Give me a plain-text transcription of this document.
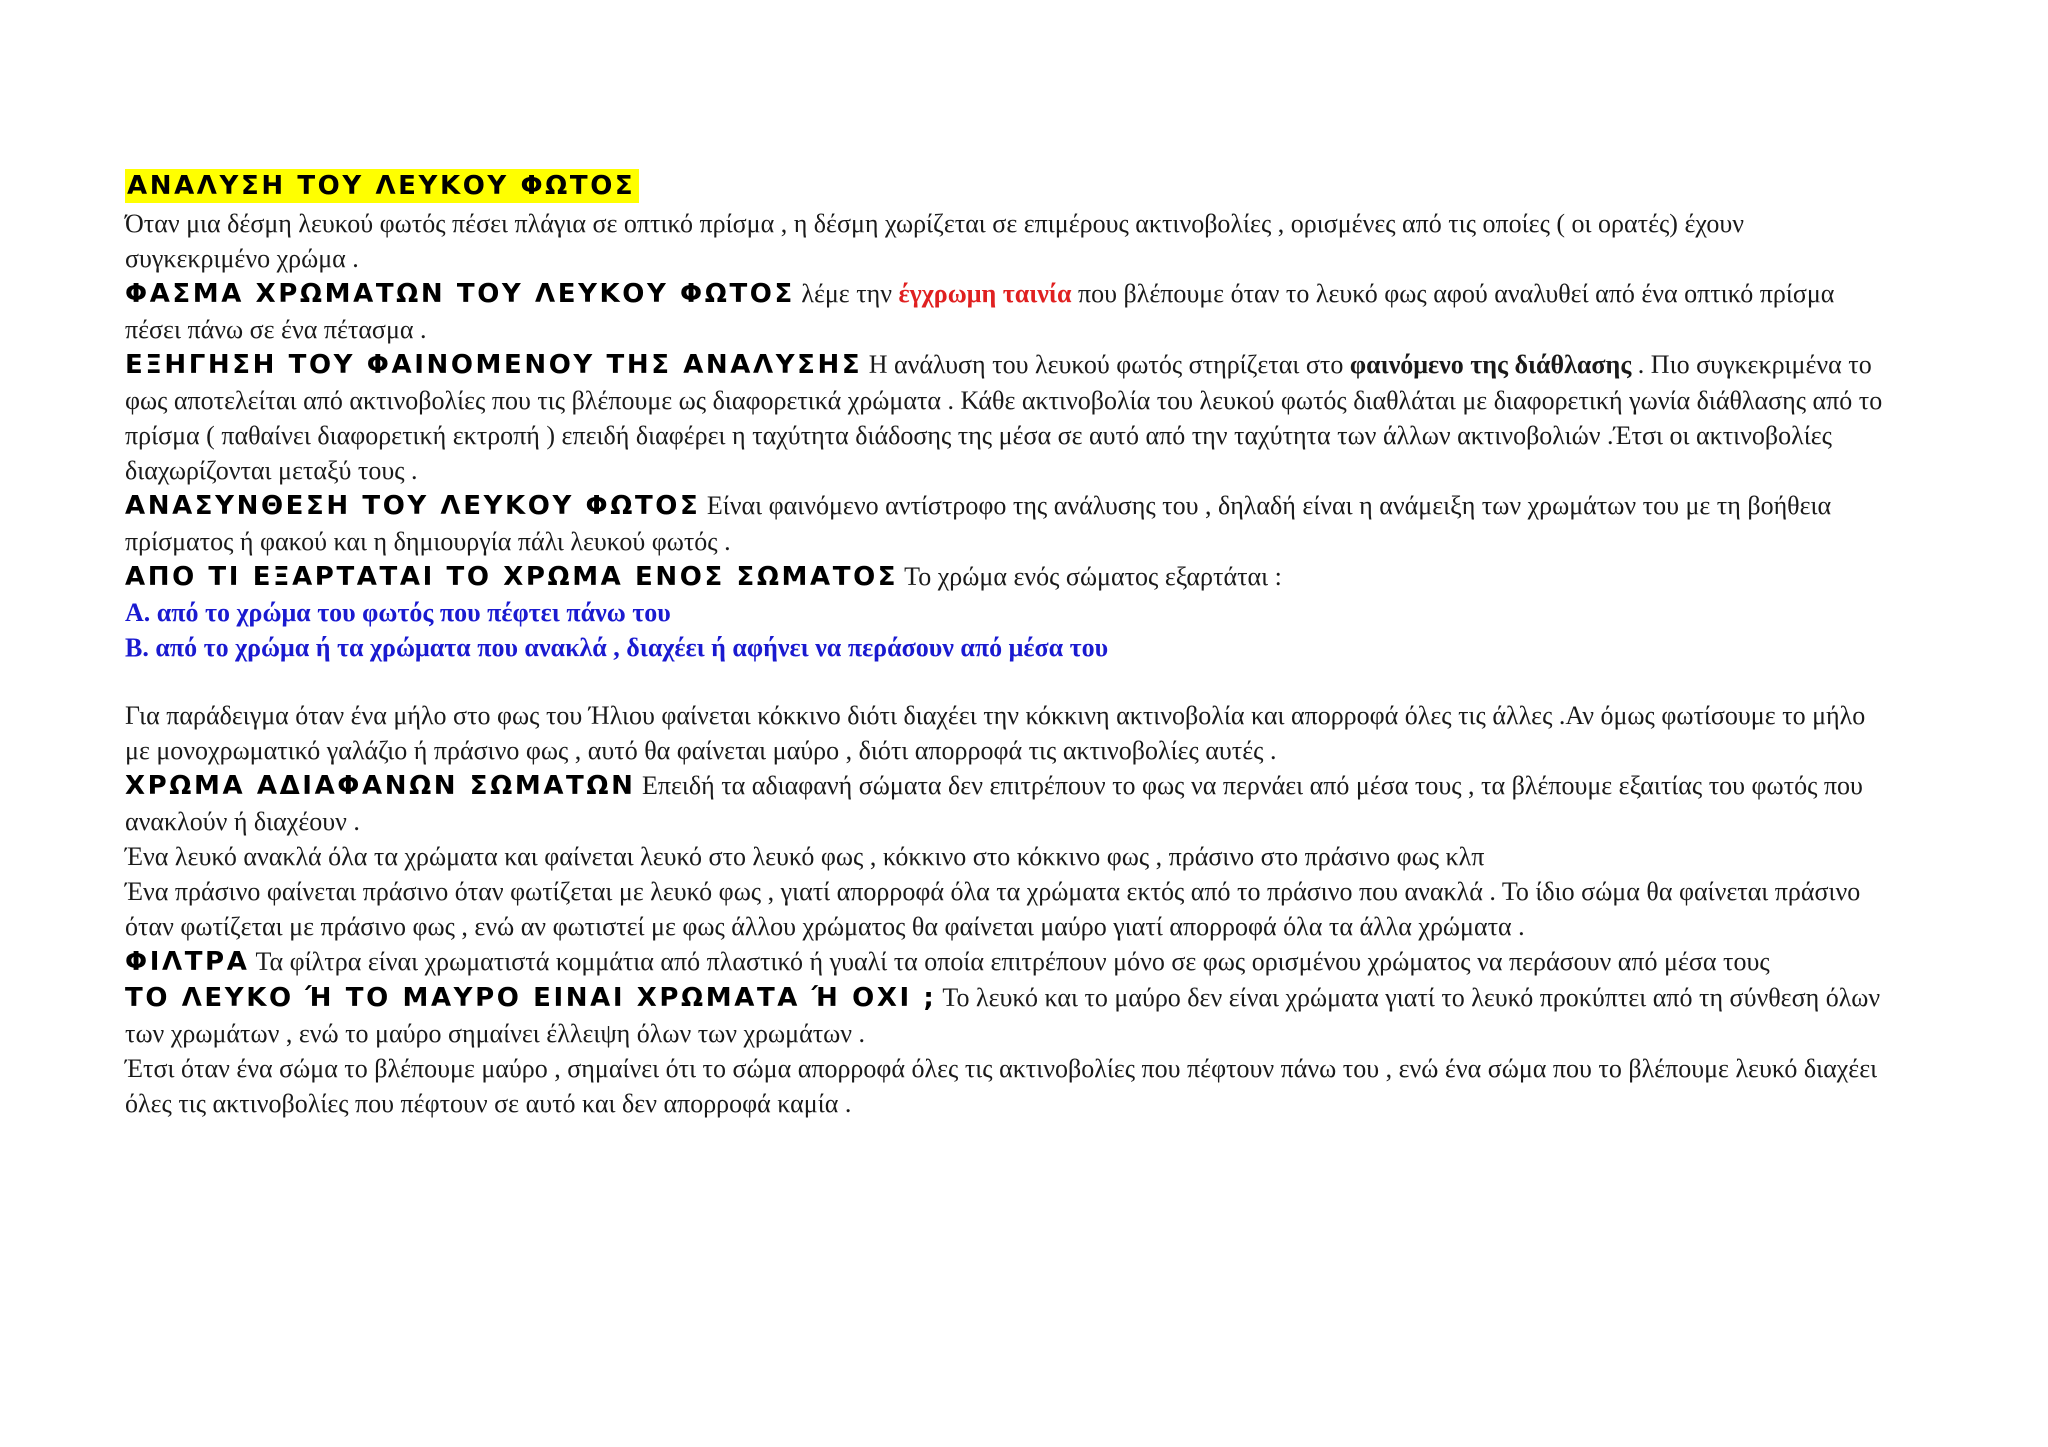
ΑΝΑΛΥΣΗ ΤΟΥ ΛΕΥΚΟΥ ΦΩΤΟΣ

Όταν μια δέσμη λευκού φωτός πέσει πλάγια σε οπτικό πρίσμα , η δέσμη χωρίζεται σε επιμέρους ακτινοβολίες , ορισμένες από τις οποίες ( οι ορατές) έχουν συγκεκριμένο χρώμα .

ΦΑΣΜΑ ΧΡΩΜΑΤΩΝ ΤΟΥ ΛΕΥΚΟΥ ΦΩΤΟΣ λέμε την έγχρωμη ταινία που βλέπουμε όταν το λευκό φως αφού αναλυθεί από ένα οπτικό πρίσμα πέσει πάνω σε ένα πέτασμα .

ΕΞΗΓΗΣΗ ΤΟΥ ΦΑΙΝΟΜΕΝΟΥ ΤΗΣ ΑΝΑΛΥΣΗΣ Η ανάλυση του λευκού φωτός στηρίζεται στο φαινόμενο της διάθλασης . Πιο συγκεκριμένα το φως αποτελείται από ακτινοβολίες που τις βλέπουμε ως διαφορετικά χρώματα . Κάθε ακτινοβολία του λευκού φωτός διαθλάται με διαφορετική γωνία διάθλασης από το πρίσμα ( παθαίνει διαφορετική εκτροπή ) επειδή διαφέρει η ταχύτητα διάδοσης της μέσα σε αυτό από την ταχύτητα των άλλων ακτινοβολιών .Έτσι οι ακτινοβολίες διαχωρίζονται μεταξύ τους .

ΑΝΑΣΥΝΘΕΣΗ ΤΟΥ ΛΕΥΚΟΥ ΦΩΤΟΣ Είναι φαινόμενο αντίστροφο της ανάλυσης του , δηλαδή είναι η ανάμειξη των χρωμάτων του με τη βοήθεια πρίσματος ή φακού και η δημιουργία πάλι λευκού φωτός .

ΑΠΟ ΤΙ ΕΞΑΡΤΑΤΑΙ ΤΟ ΧΡΩΜΑ ΕΝΟΣ ΣΩΜΑΤΟΣ Το χρώμα ενός σώματος εξαρτάται :

Α. από το χρώμα του φωτός που πέφτει πάνω του

Β. από το χρώμα ή τα χρώματα που ανακλά , διαχέει ή αφήνει να περάσουν από μέσα του

Για παράδειγμα όταν ένα μήλο στο φως του Ήλιου φαίνεται κόκκινο διότι διαχέει την κόκκινη ακτινοβολία και απορροφά όλες τις άλλες .Αν όμως φωτίσουμε το μήλο με μονοχρωματικό γαλάζιο ή πράσινο φως , αυτό θα φαίνεται μαύρο , διότι απορροφά τις ακτινοβολίες αυτές .

ΧΡΩΜΑ ΑΔΙΑΦΑΝΩΝ ΣΩΜΑΤΩΝ Επειδή τα αδιαφανή σώματα δεν επιτρέπουν το φως να περνάει από μέσα τους , τα βλέπουμε εξαιτίας του φωτός που ανακλούν ή διαχέουν .

Ένα λευκό ανακλά όλα τα χρώματα και φαίνεται λευκό στο λευκό φως , κόκκινο στο κόκκινο φως , πράσινο στο πράσινο φως κλπ

Ένα πράσινο φαίνεται πράσινο όταν φωτίζεται με λευκό φως , γιατί απορροφά όλα τα χρώματα εκτός από το πράσινο που ανακλά . Το ίδιο σώμα θα φαίνεται πράσινο όταν φωτίζεται με πράσινο φως , ενώ αν φωτιστεί με φως άλλου χρώματος θα φαίνεται μαύρο γιατί απορροφά όλα τα άλλα χρώματα .

ΦΙΛΤΡΑ Τα φίλτρα είναι χρωματιστά κομμάτια από πλαστικό ή γυαλί τα οποία επιτρέπουν μόνο σε φως ορισμένου χρώματος να περάσουν από μέσα τους

ΤΟ ΛΕΥΚΟ Ή ΤΟ ΜΑΥΡΟ ΕΙΝΑΙ ΧΡΩΜΑΤΑ Ή ΟΧΙ ; Το λευκό και το μαύρο δεν είναι χρώματα γιατί το λευκό προκύπτει από τη σύνθεση όλων των χρωμάτων , ενώ το μαύρο σημαίνει έλλειψη όλων των χρωμάτων .

Έτσι όταν ένα σώμα το βλέπουμε μαύρο , σημαίνει ότι το σώμα απορροφά όλες τις ακτινοβολίες που πέφτουν πάνω του , ενώ ένα σώμα που το βλέπουμε λευκό διαχέει όλες τις ακτινοβολίες που πέφτουν σε αυτό και δεν απορροφά καμία .
